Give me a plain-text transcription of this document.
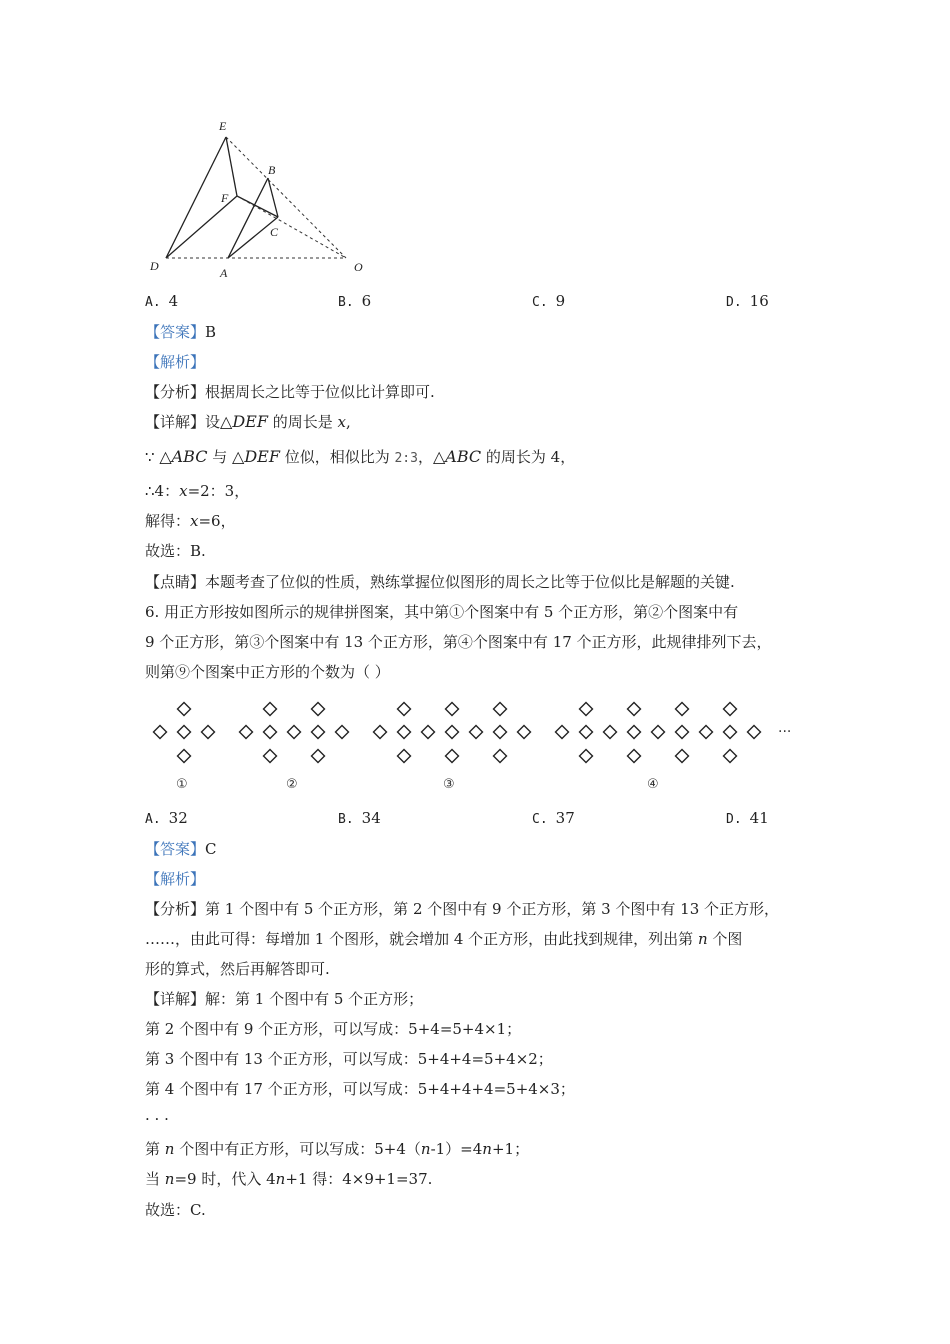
E
B
F
C
D	A	O
A. 4	B. 6	C. 9	D. 16
【答案】B
【解析】
【分析】根据周长之比等于位似比计算即可.
【详解】设△DEF 的周长是 x,
∵ △ABC 与 △DEF 位似，相似比为 2:3，△ABC 的周长为 4，
∴4：x=2：3，
解得：x=6，
故选：B.
【点睛】本题考查了位似的性质，熟练掌握位似图形的周长之比等于位似比是解题的关键.
6. 用正方形按如图所示的规律拼图案，其中第①个图案中有 5 个正方形，第②个图案中有
9 个正方形，第③个图案中有 13 个正方形，第④个图案中有 17 个正方形，此规律排列下去，
则第⑨个图案中正方形的个数为（ ）
···
①	②	③	④
A. 32	B. 34	C. 37	D. 41
【答案】C
【解析】
【分析】第 1 个图中有 5 个正方形，第 2 个图中有 9 个正方形，第 3 个图中有 13 个正方形，
……，由此可得：每增加 1 个图形，就会增加 4 个正方形，由此找到规律，列出第 n 个图
形的算式，然后再解答即可.
【详解】解：第 1 个图中有 5 个正方形；
第 2 个图中有 9 个正方形，可以写成：5+4=5+4×1；
第 3 个图中有 13 个正方形，可以写成：5+4+4=5+4×2；
第 4 个图中有 17 个正方形，可以写成：5+4+4+4=5+4×3；
· · ·
第 n 个图中有正方形，可以写成：5+4（n-1）=4n+1；
当 n=9 时，代入 4n+1 得：4×9+1=37.
故选：C.
